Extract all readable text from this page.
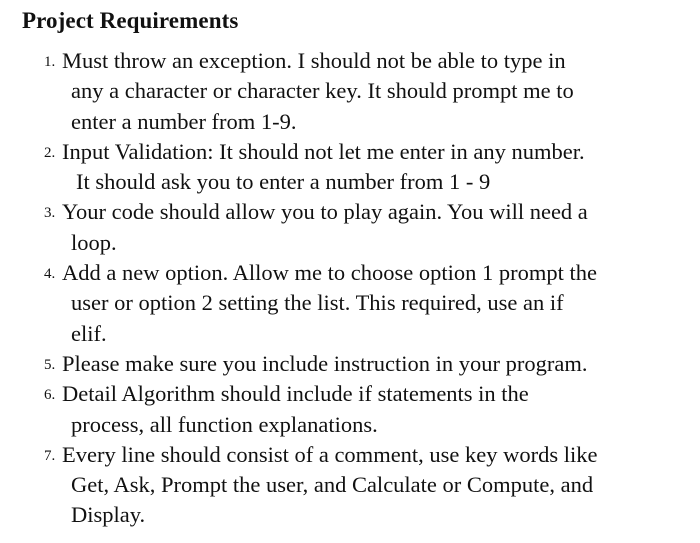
Project Requirements
1. Must throw an exception. I should not be able to type in
any a character or character key. It should prompt me to
enter a number from 1-9.
2. Input Validation: It should not let me enter in any number.
It should ask you to enter a number from 1 - 9
3. Your code should allow you to play again. You will need a
loop.
4. Add a new option. Allow me to choose option 1 prompt the
user or option 2 setting the list. This required, use an if
elif.
5. Please make sure you include instruction in your program.
6. Detail Algorithm should include if statements in the
process, all function explanations.
7. Every line should consist of a comment, use key words like
Get, Ask, Prompt the user, and Calculate or Compute, and
Display.
